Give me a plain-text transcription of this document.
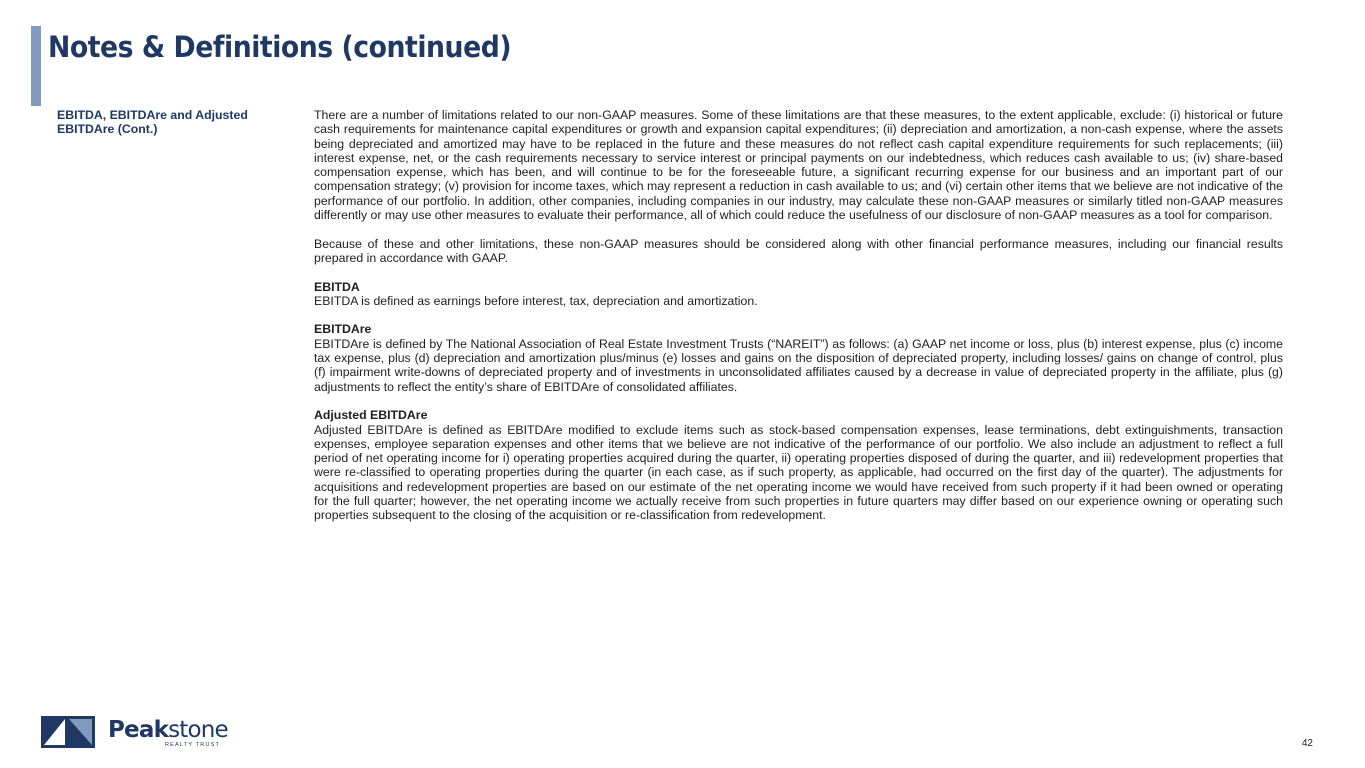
Notes & Definitions (continued)
EBITDA, EBITDAre and Adjusted EBITDAre (Cont.)

There are a number of limitations related to our non-GAAP measures. Some of these limitations are that these measures, to the extent applicable, exclude: (i) historical or future cash requirements for maintenance capital expenditures or growth and expansion capital expenditures; (ii) depreciation and amortization, a non-cash expense, where the assets being depreciated and amortized may have to be replaced in the future and these measures do not reflect cash capital expenditure requirements for such replacements; (iii) interest expense, net, or the cash requirements necessary to service interest or principal payments on our indebtedness, which reduces cash available to us; (iv) share-based compensation expense, which has been, and will continue to be for the foreseeable future, a significant recurring expense for our business and an important part of our compensation strategy; (v) provision for income taxes, which may represent a reduction in cash available to us; and (vi) certain other items that we believe are not indicative of the performance of our portfolio. In addition, other companies, including companies in our industry, may calculate these non-GAAP measures or similarly titled non-GAAP measures differently or may use other measures to evaluate their performance, all of which could reduce the usefulness of our disclosure of non-GAAP measures as a tool for comparison.

Because of these and other limitations, these non-GAAP measures should be considered along with other financial performance measures, including our financial results prepared in accordance with GAAP.

EBITDA
EBITDA is defined as earnings before interest, tax, depreciation and amortization.

EBITDAre
EBITDAre is defined by The National Association of Real Estate Investment Trusts (“NAREIT”) as follows: (a) GAAP net income or loss, plus (b) interest expense, plus (c) income tax expense, plus (d) depreciation and amortization plus/minus (e) losses and gains on the disposition of depreciated property, including losses/ gains on change of control, plus (f) impairment write-downs of depreciated property and of investments in unconsolidated affiliates caused by a decrease in value of depreciated property in the affiliate, plus (g) adjustments to reflect the entity’s share of EBITDAre of consolidated affiliates.

Adjusted EBITDAre
Adjusted EBITDAre is defined as EBITDAre modified to exclude items such as stock-based compensation expenses, lease terminations, debt extinguishments, transaction expenses, employee separation expenses and other items that we believe are not indicative of the performance of our portfolio. We also include an adjustment to reflect a full period of net operating income for i) operating properties acquired during the quarter, ii) operating properties disposed of during the quarter, and iii) redevelopment properties that were re-classified to operating properties during the quarter (in each case, as if such property, as applicable, had occurred on the first day of the quarter). The adjustments for acquisitions and redevelopment properties are based on our estimate of the net operating income we would have received from such property if it had been owned or operating for the full quarter; however, the net operating income we actually receive from such properties in future quarters may differ based on our experience owning or operating such properties subsequent to the closing of the acquisition or re-classification from redevelopment.

Peakstone
REALTY TRUST	42
